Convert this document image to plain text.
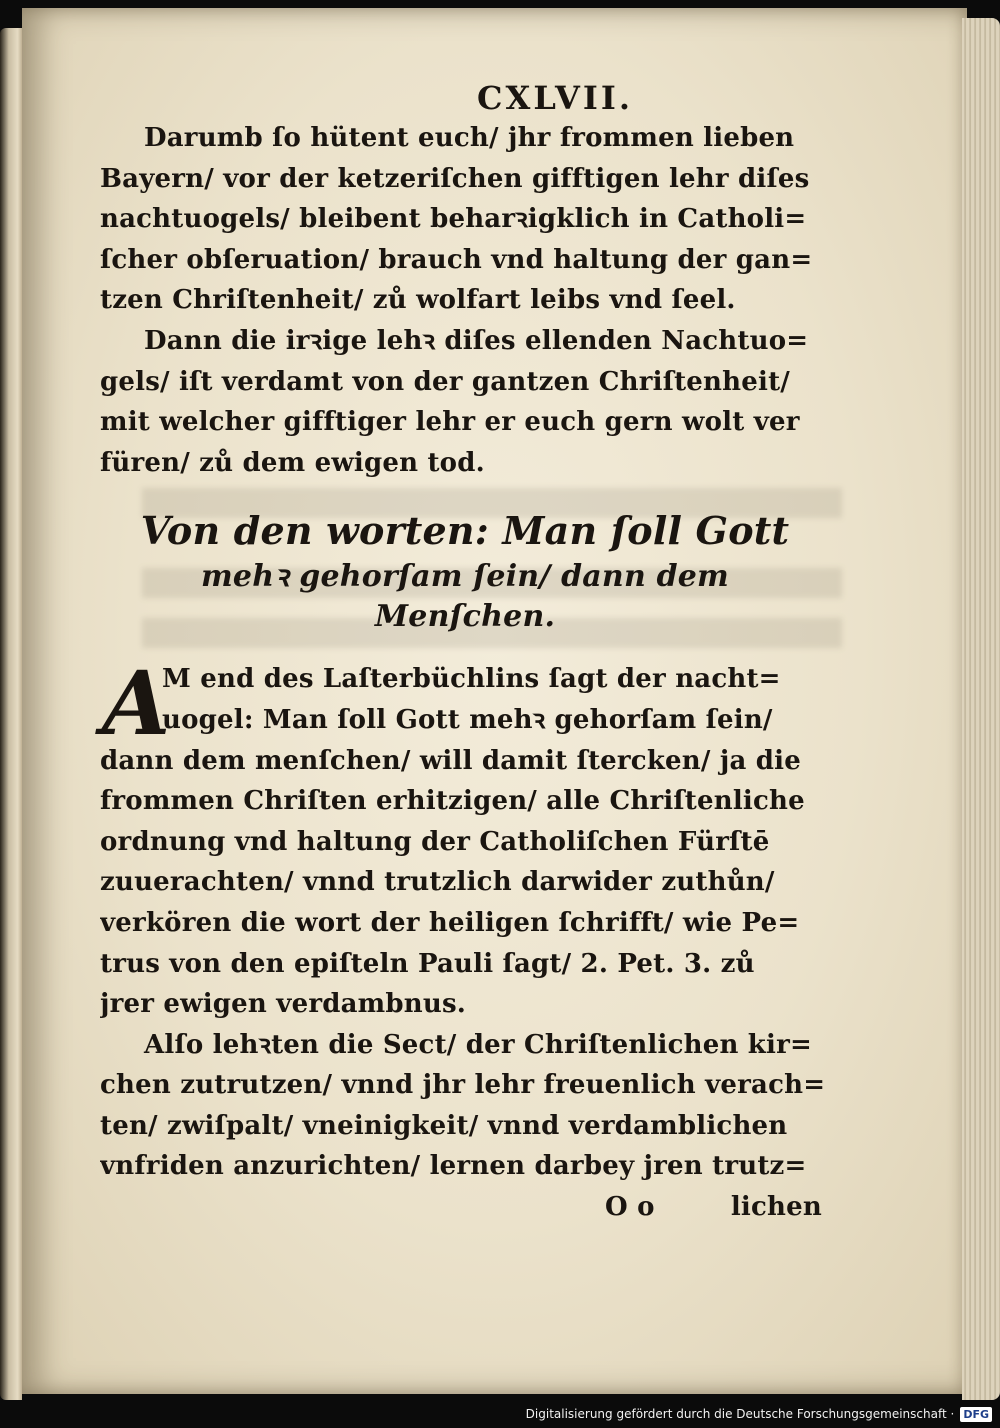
CXLVII.
Darumb ſo hütent euch/ jhr frommen lieben
Bayern/ vor der ketzeriſchen gifftigen lehr diſes
nachtuogels/ bleibent beharꝛigklich in Catholi=
ſcher obſeruation/ brauch vnd haltung der gan=
tzen Chriſtenheit/ zů wolfart leibs vnd ſeel.
Dann die irꝛige lehꝛ diſes ellenden Nachtuo=
gels/ iſt verdamt von der gantzen Chriſtenheit/
mit welcher gifftiger lehr er euch gern wolt ver
füren/ zů dem ewigen tod.
Von den worten: Man ſoll Gott
mehꝛ gehorſam ſein/ dann dem
Menſchen.
A
M end des Laſterbüchlins ſagt der nacht=
uogel: Man ſoll Gott mehꝛ gehorſam ſein/
dann dem menſchen/ will damit ſtercken/ ja die
frommen Chriſten erhitzigen/ alle Chriſtenliche
ordnung vnd haltung der Catholiſchen Fürſtē
zuuerachten/ vnnd trutzlich darwider zuthůn/
verkören die wort der heiligen ſchrifft/ wie Pe=
trus von den epiſteln Pauli ſagt/ 2. Pet. 3. zů
jrer ewigen verdambnus.
Alſo lehꝛten die Sect/ der Chriſtenlichen kir=
chen zutrutzen/ vnnd jhr lehr freuenlich verach=
ten/ zwiſpalt/ vneinigkeit/ vnnd verdamblichen
vnfriden anzurichten/ lernen darbey jren trutz=
O o	lichen
Digitalisierung gefördert durch die Deutsche Forschungsgemeinschaft · DFG
